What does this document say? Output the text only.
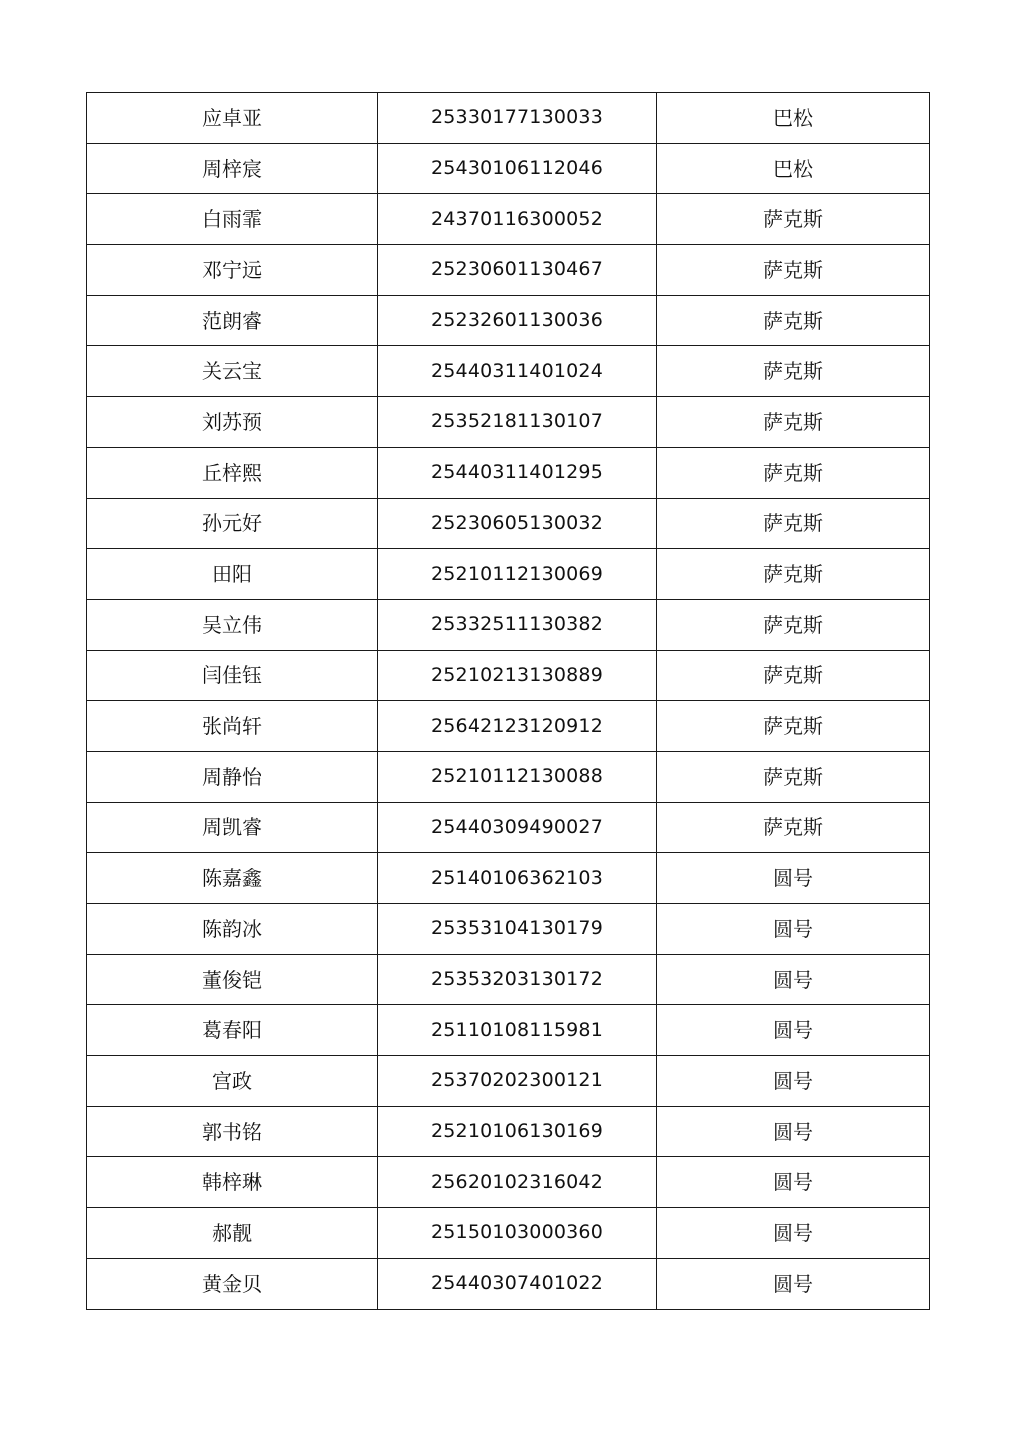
应卓亚	25330177130033	巴松
周梓宸	25430106112046	巴松
白雨霏	24370116300052	萨克斯
邓宁远	25230601130467	萨克斯
范朗睿	25232601130036	萨克斯
关云宝	25440311401024	萨克斯
刘苏预	25352181130107	萨克斯
丘梓熙	25440311401295	萨克斯
孙元好	25230605130032	萨克斯
田阳	25210112130069	萨克斯
吴立伟	25332511130382	萨克斯
闫佳钰	25210213130889	萨克斯
张尚轩	25642123120912	萨克斯
周静怡	25210112130088	萨克斯
周凯睿	25440309490027	萨克斯
陈嘉鑫	25140106362103	圆号
陈韵冰	25353104130179	圆号
董俊铠	25353203130172	圆号
葛春阳	25110108115981	圆号
宫政	25370202300121	圆号
郭书铭	25210106130169	圆号
韩梓琳	25620102316042	圆号
郝靓	25150103000360	圆号
黄金贝	25440307401022	圆号
